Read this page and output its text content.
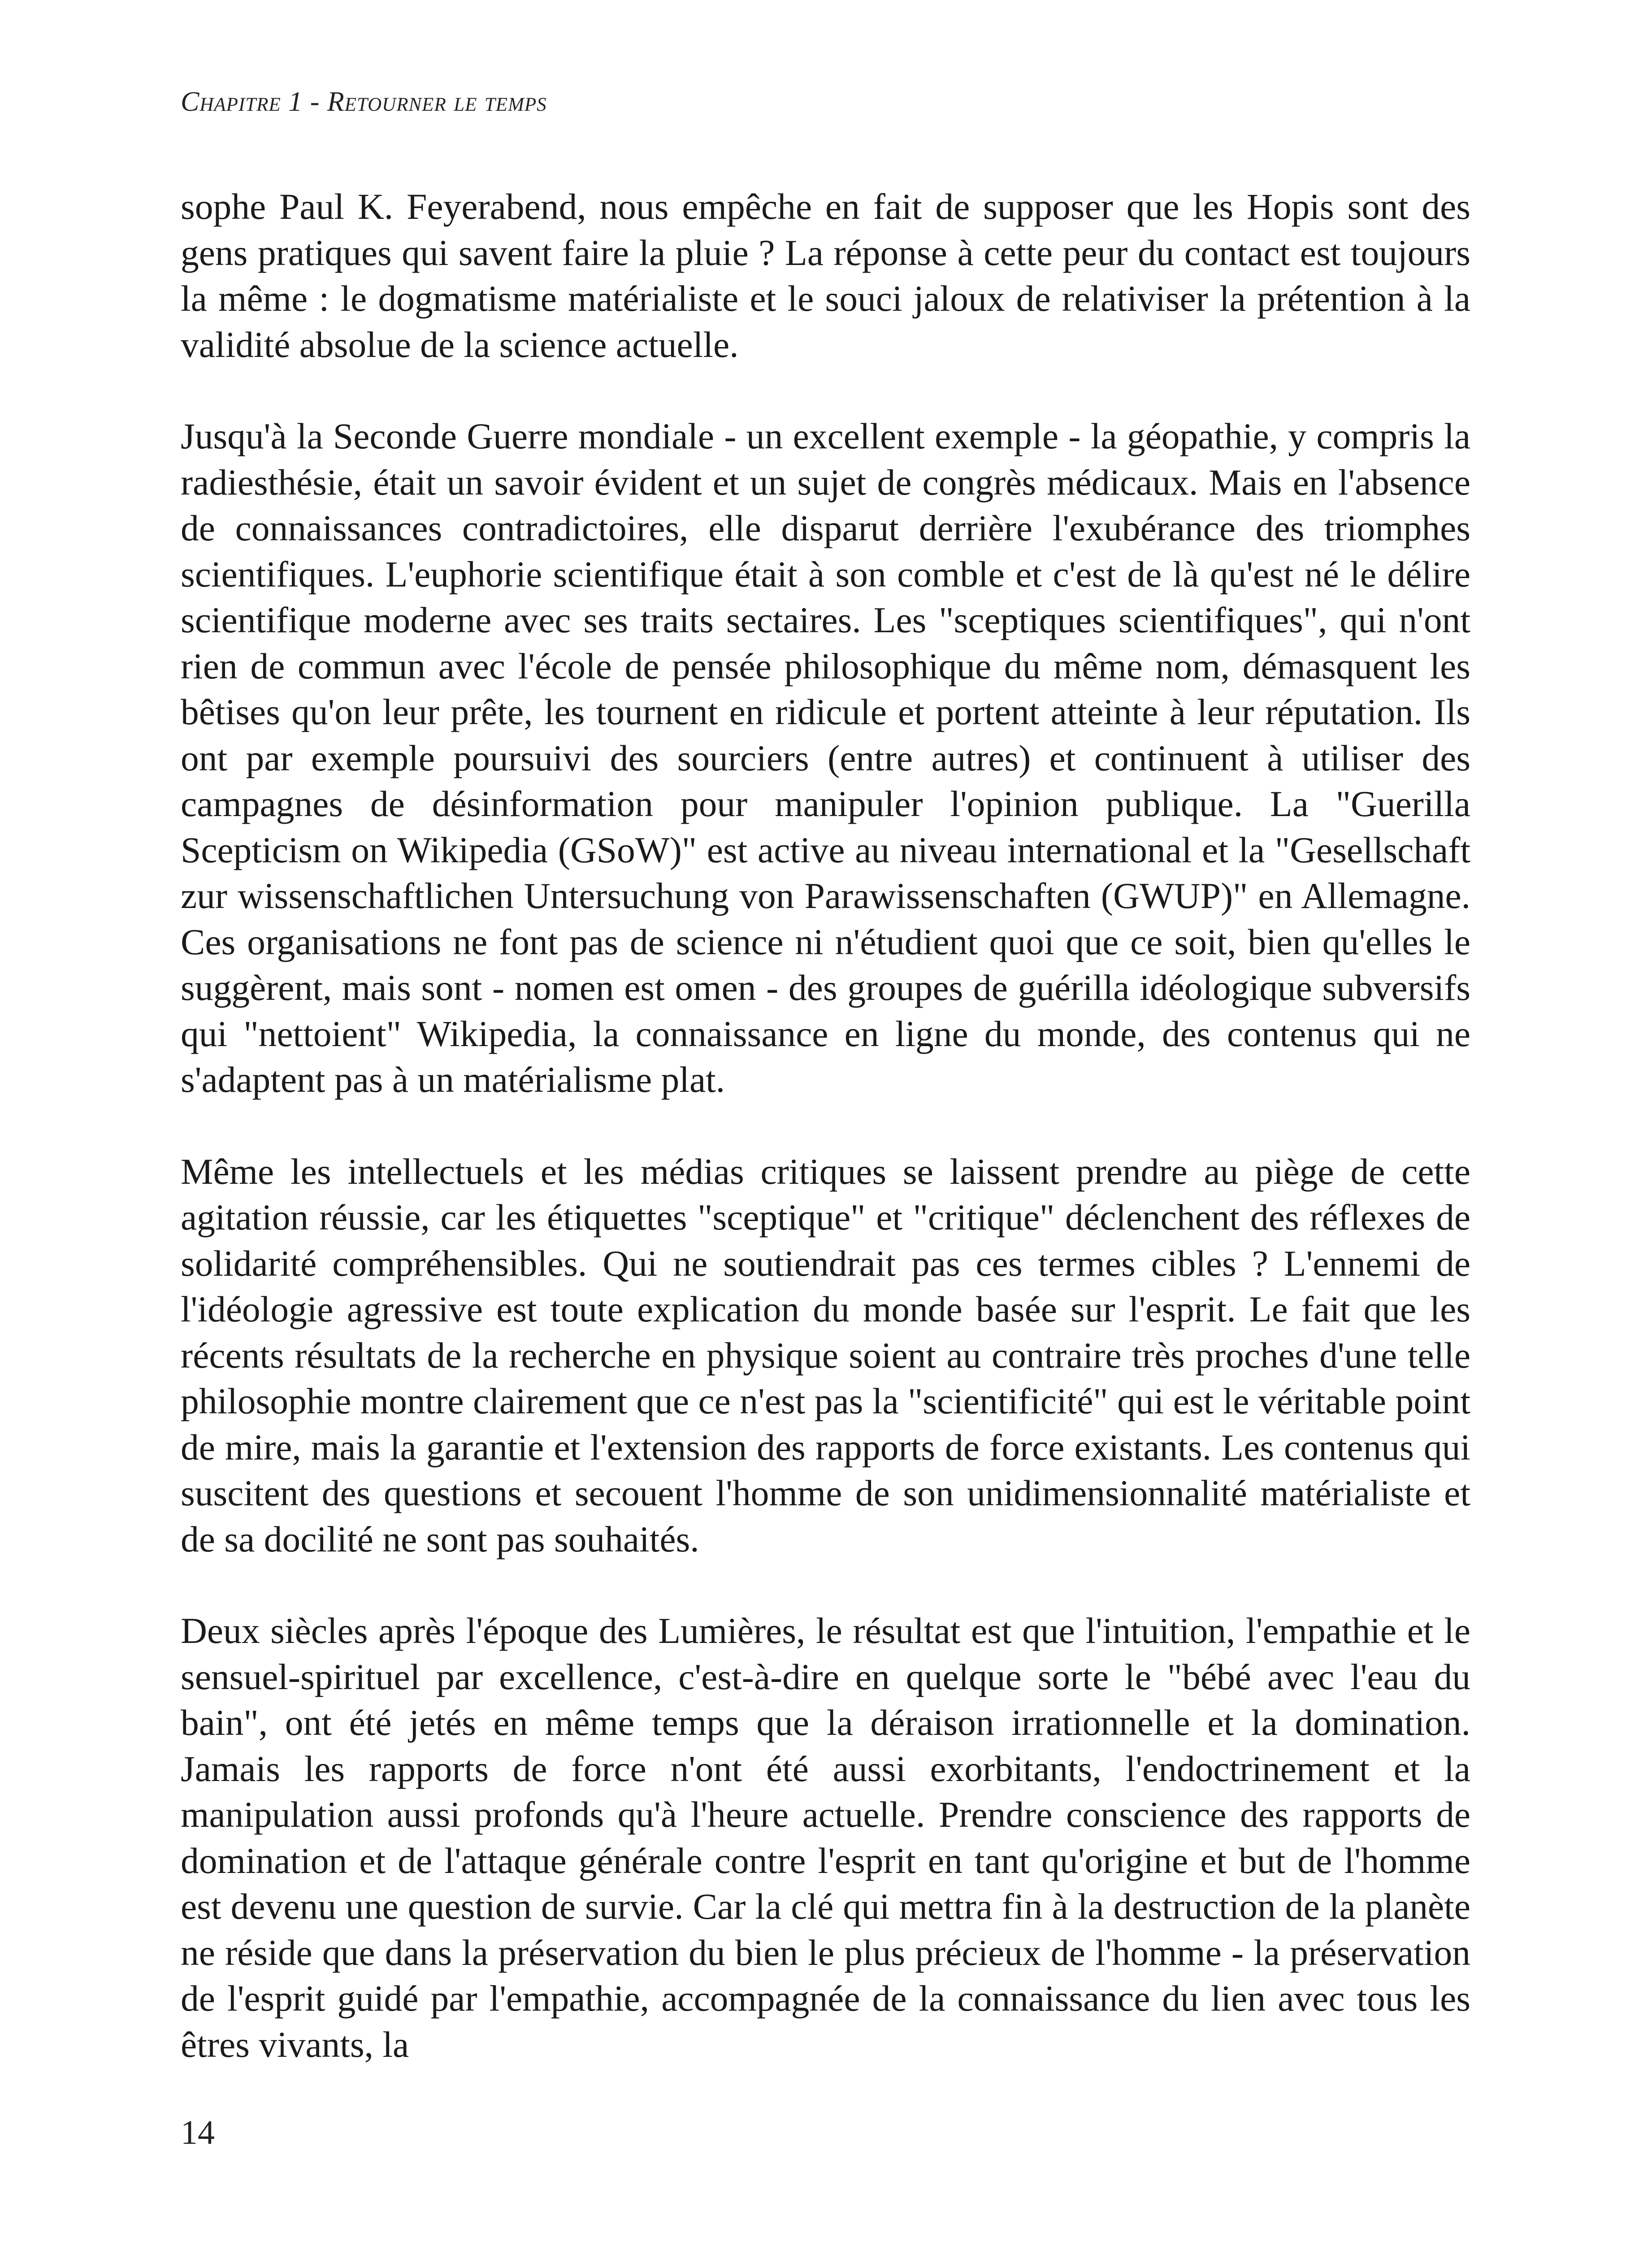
Chapitre 1 - Retourner le temps

sophe Paul K. Feyerabend, nous empêche en fait de supposer que les Hopis sont des gens pratiques qui savent faire la pluie ? La réponse à cette peur du contact est toujours la même : le dogmatisme matérialiste et le souci jaloux de relativiser la prétention à la validité absolue de la science actuelle.

Jusqu'à la Seconde Guerre mondiale - un excellent exemple - la géopathie, y compris la radiesthésie, était un savoir évident et un sujet de congrès médicaux. Mais en l'absence de connaissances contradictoires, elle disparut derrière l'exubérance des triomphes scientifiques. L'euphorie scientifique était à son comble et c'est de là qu'est né le délire scientifique moderne avec ses traits sectaires. Les "sceptiques scientifiques", qui n'ont rien de commun avec l'école de pensée philosophique du même nom, démasquent les bêtises qu'on leur prête, les tournent en ridicule et portent atteinte à leur réputation. Ils ont par exemple poursuivi des sourciers (entre autres) et continuent à utiliser des campagnes de désinformation pour manipuler l'opinion publique. La "Guerilla Scepticism on Wikipedia (GSoW)" est active au niveau international et la "Gesellschaft zur wissenschaftlichen Untersuchung von Parawissenschaften (GWUP)" en Allemagne. Ces organisations ne font pas de science ni n'étudient quoi que ce soit, bien qu'elles le suggèrent, mais sont - nomen est omen - des groupes de guérilla idéologique subversifs qui "nettoient" Wikipedia, la connaissance en ligne du monde, des contenus qui ne s'adaptent pas à un matérialisme plat.

Même les intellectuels et les médias critiques se laissent prendre au piège de cette agitation réussie, car les étiquettes "sceptique" et "critique" déclenchent des réflexes de solidarité compréhensibles. Qui ne soutiendrait pas ces termes cibles ? L'ennemi de l'idéologie agressive est toute explication du monde basée sur l'esprit. Le fait que les récents résultats de la recherche en physique soient au contraire très proches d'une telle philosophie montre clairement que ce n'est pas la "scientificité" qui est le véritable point de mire, mais la garantie et l'extension des rapports de force existants. Les contenus qui suscitent des questions et secouent l'homme de son unidimensionnalité matérialiste et de sa docilité ne sont pas souhaités.

Deux siècles après l'époque des Lumières, le résultat est que l'intuition, l'empathie et le sensuel-spirituel par excellence, c'est-à-dire en quelque sorte le "bébé avec l'eau du bain", ont été jetés en même temps que la déraison irrationnelle et la domination. Jamais les rapports de force n'ont été aussi exorbitants, l'endoctrinement et la manipulation aussi profonds qu'à l'heure actuelle. Prendre conscience des rapports de domination et de l'attaque générale contre l'esprit en tant qu'origine et but de l'homme est devenu une question de survie. Car la clé qui mettra fin à la destruction de la planète ne réside que dans la préservation du bien le plus précieux de l'homme - la préservation de l'esprit guidé par l'empathie, accompagnée de la connaissance du lien avec tous les êtres vivants, la

14
